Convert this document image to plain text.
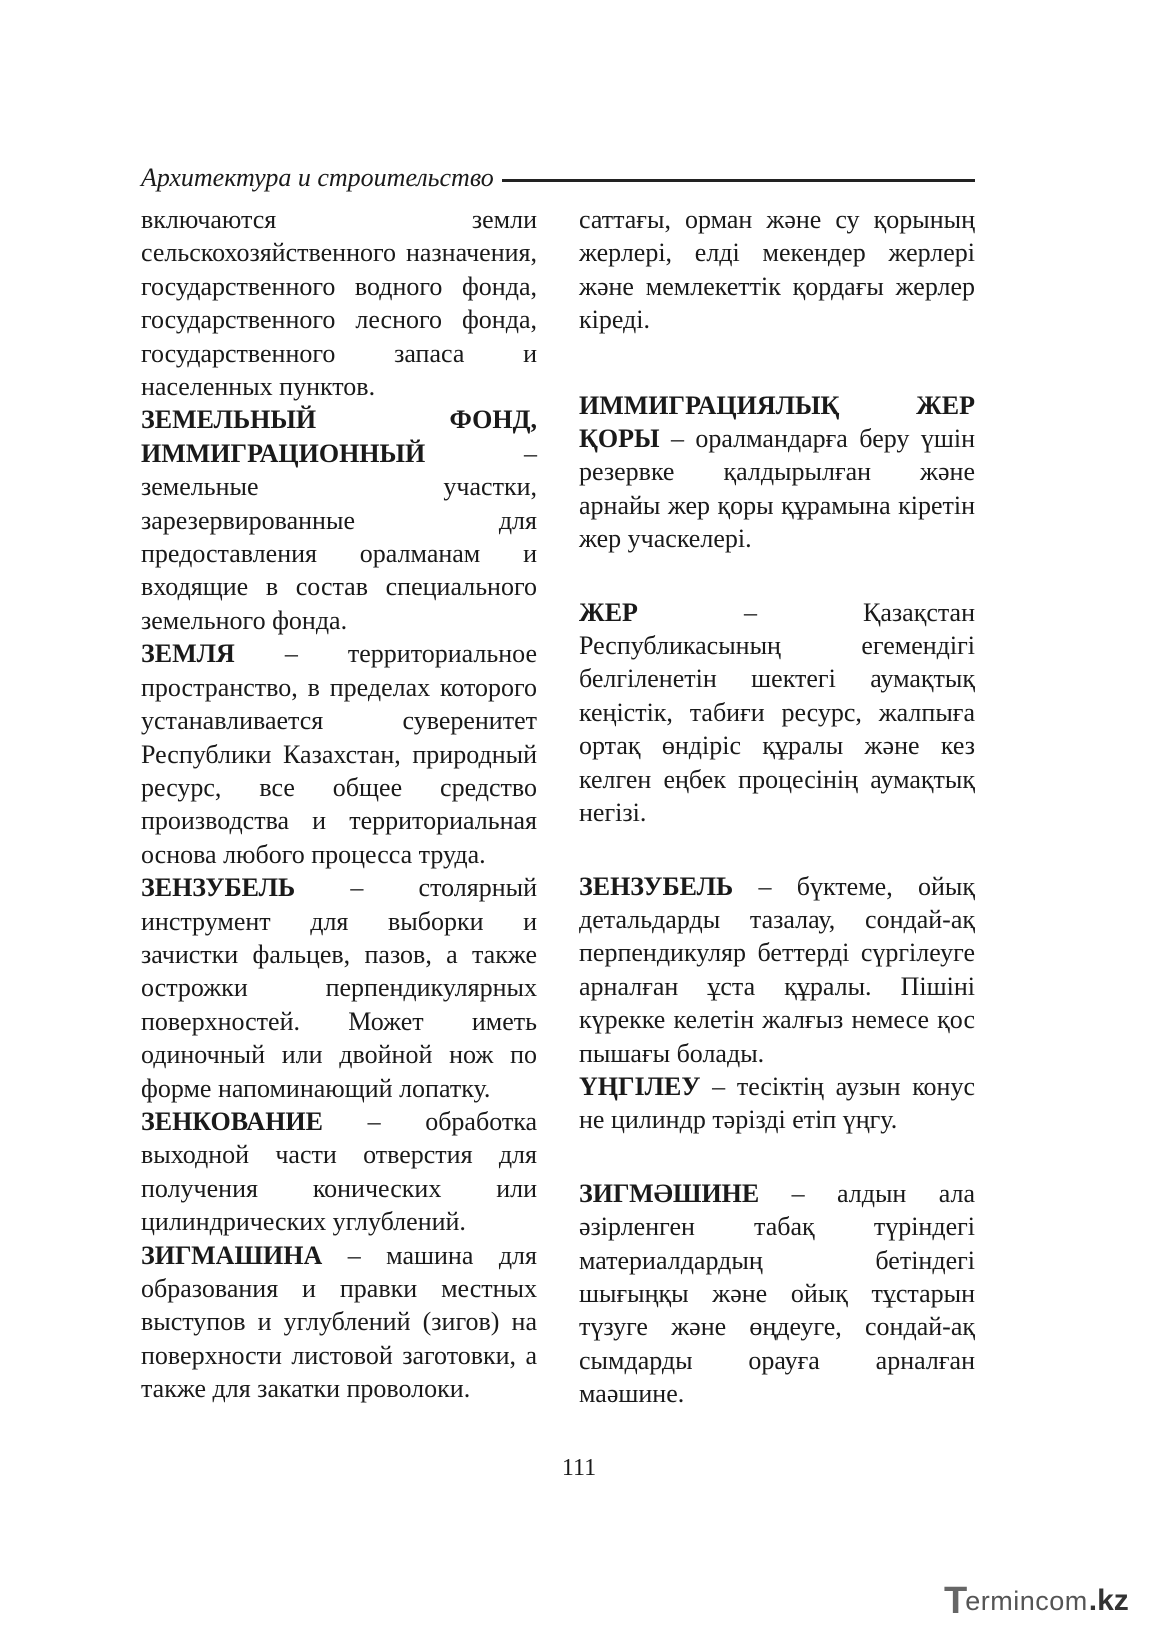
Архитектура и строительство

включаются земли сельскохозяйственного назначения, государственного водного фонда, государственного лесного фонда, государственного запаса и населенных пунктов.

ЗЕМЕЛЬНЫЙ ФОНД, ИММИГРАЦИОННЫЙ – земельные участки, зарезервированные для предоставления оралманам и входящие в состав специального земельного фонда.

ЗЕМЛЯ – территориальное пространство, в пределах которого устанавливается суверенитет Республики Казахстан, природный ресурс, все общее средство производства и территориальная основа любого процесса труда.

ЗЕНЗУБЕЛЬ – столярный инструмент для выборки и зачистки фальцев, пазов, а также острожки перпендикулярных поверхностей. Может иметь одиночный или двойной нож по форме напоминающий лопатку.

ЗЕНКОВАНИЕ – обработка выходной части отверстия для получения конических или цилиндрических углублений.

ЗИГМАШИНА – машина для образования и правки местных выступов и углублений (зигов) на поверхности листовой заготовки, а также для закатки проволоки.

саттағы, орман және су қорының жерлері, елді мекендер жерлері және мемлекеттік қордағы жерлер кіреді.

ИММИГРАЦИЯЛЫҚ ЖЕР ҚОРЫ – оралмандарға беру үшін резервке қалдырылған және арнайы жер қоры құрамына кіретін жер учаскелері.

ЖЕР – Қазақстан Республикасының егемендігі белгіленетін шектегі аумақтық кеңістік, табиғи ресурс, жалпыға ортақ өндіріс құралы және кез келген еңбек процесінің аумақтық негізі.

ЗЕНЗУБЕЛЬ – бүктеме, ойық детальдарды тазалау, сондай-ақ перпендикуляр беттерді сүргілеуге арналған ұста құралы. Пішіні күрекке келетін жалғыз немесе қос пышағы болады.

ҮҢГІЛЕУ – тесіктің аузын конус не цилиндр тәрізді етіп үңгу.

ЗИГМӘШИНЕ – алдын ала әзірленген табақ түріндегі материалдардың бетіндегі шығыңқы және ойық тұстарын түзуге және өңдеуге, сондай-ақ сымдарды орауға арналған маәшине.

111
T
ermincom .kz
